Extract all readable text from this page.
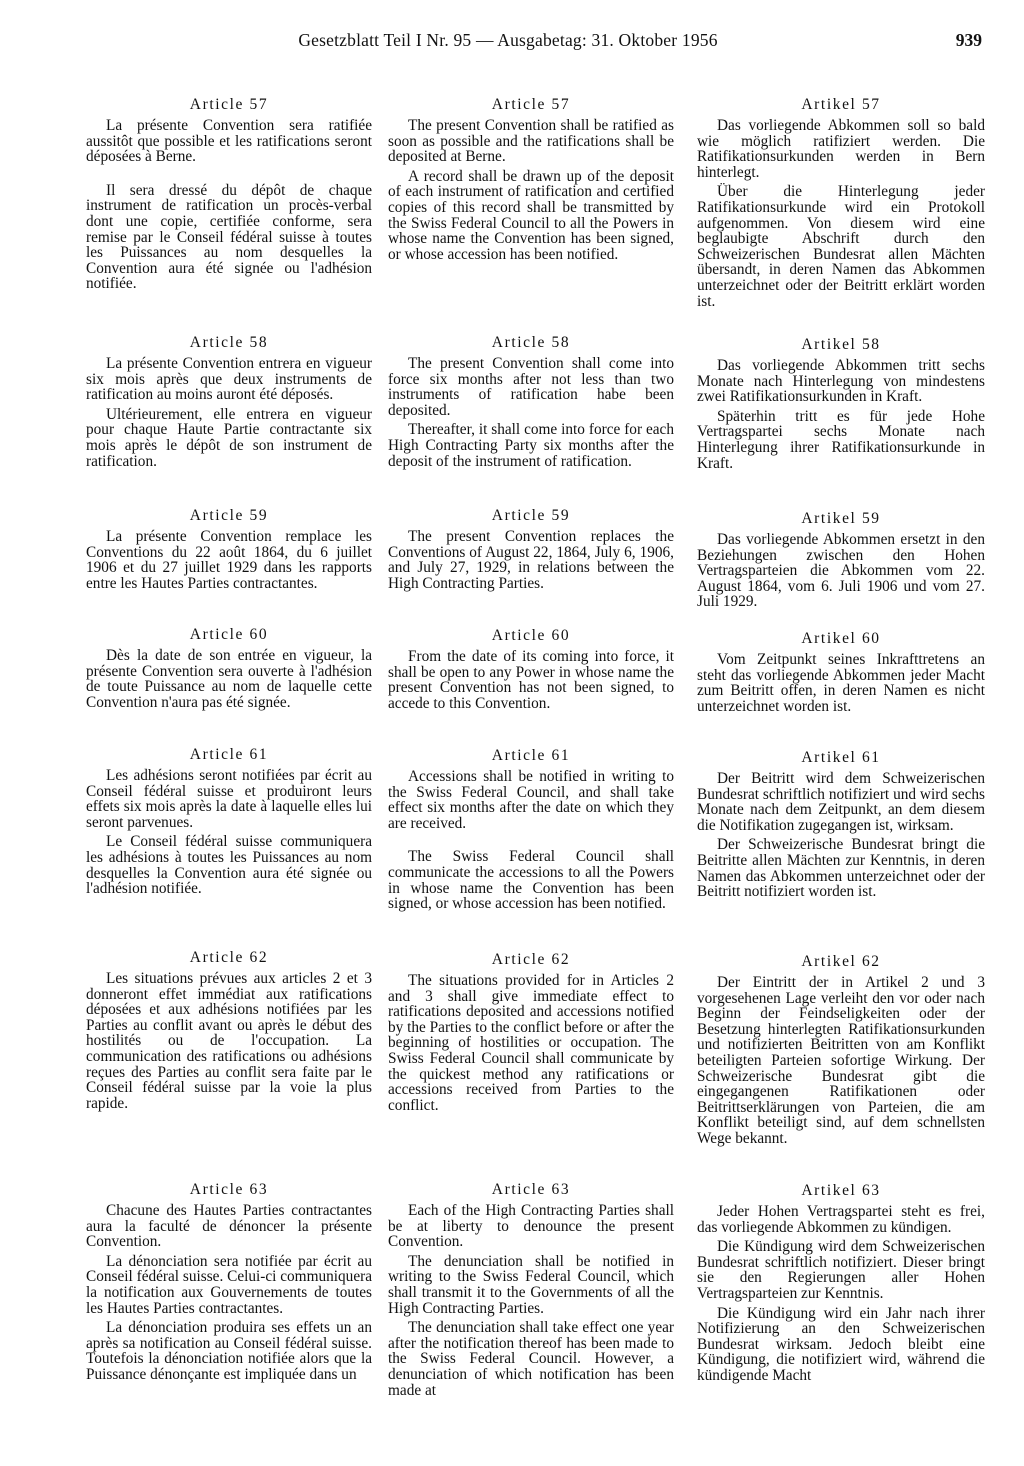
Gesetzblatt Teil I Nr. 95 — Ausgabetag: 31. Oktober 1956	939
Article 57

La présente Convention sera ratifiée aussitôt que possible et les ratifications seront déposées à Berne.

Il sera dressé du dépôt de chaque instrument de ratification un procès-verbal dont une copie, certifiée conforme, sera remise par le Conseil fédéral suisse à toutes les Puissances au nom desquelles la Convention aura été signée ou l'adhésion notifiée.

Article 58

La présente Convention entrera en vigueur six mois après que deux instruments de ratification au moins auront été déposés.

Ultérieurement, elle entrera en vigueur pour chaque Haute Partie contractante six mois après le dépôt de son instrument de ratification.

Article 59

La présente Convention remplace les Conventions du 22 août 1864, du 6 juillet 1906 et du 27 juillet 1929 dans les rapports entre les Hautes Parties contractantes.

Article 60

Dès la date de son entrée en vigueur, la présente Convention sera ouverte à l'adhésion de toute Puissance au nom de laquelle cette Convention n'aura pas été signée.

Article 61

Les adhésions seront notifiées par écrit au Conseil fédéral suisse et produiront leurs effets six mois après la date à laquelle elles lui seront parvenues.

Le Conseil fédéral suisse communiquera les adhésions à toutes les Puissances au nom desquelles la Convention aura été signée ou l'adhésion notifiée.

Article 62

Les situations prévues aux articles 2 et 3 donneront effet immédiat aux ratifications déposées et aux adhésions notifiées par les Parties au conflit avant ou après le début des hostilités ou de l'occupation. La communication des ratifications ou adhésions reçues des Parties au conflit sera faite par le Conseil fédéral suisse par la voie la plus rapide.

Article 63

Chacune des Hautes Parties contractantes aura la faculté de dénoncer la présente Convention.

La dénonciation sera notifiée par écrit au Conseil fédéral suisse. Celui-ci communiquera la notification aux Gouvernements de toutes les Hautes Parties contractantes.

La dénonciation produira ses effets un an après sa notification au Conseil fédéral suisse. Toutefois la dénonciation notifiée alors que la Puissance dénonçante est impliquée dans un

Article 57

The present Convention shall be ratified as soon as possible and the ratifications shall be deposited at Berne.

A record shall be drawn up of the deposit of each instrument of ratification and certified copies of this record shall be transmitted by the Swiss Federal Council to all the Powers in whose name the Convention has been signed, or whose accession has been notified.

Article 58

The present Convention shall come into force six months after not less than two instruments of ratification habe been deposited.

Thereafter, it shall come into force for each High Contracting Party six months after the deposit of the instrument of ratification.

Article 59

The present Convention replaces the Conventions of August 22, 1864, July 6, 1906, and July 27, 1929, in relations between the High Contracting Parties.

Article 60

From the date of its coming into force, it shall be open to any Power in whose name the present Convention has not been signed, to accede to this Convention.

Article 61

Accessions shall be notified in writing to the Swiss Federal Council, and shall take effect six months after the date on which they are received.

The Swiss Federal Council shall communicate the accessions to all the Powers in whose name the Convention has been signed, or whose accession has been notified.

Article 62

The situations provided for in Articles 2 and 3 shall give immediate effect to ratifications deposited and accessions notified by the Parties to the conflict before or after the beginning of hostilities or occupation. The Swiss Federal Council shall communicate by the quickest method any ratifications or accessions received from Parties to the conflict.

Article 63

Each of the High Contracting Parties shall be at liberty to denounce the present Convention.

The denunciation shall be notified in writing to the Swiss Federal Council, which shall transmit it to the Governments of all the High Contracting Parties.

The denunciation shall take effect one year after the notification thereof has been made to the Swiss Federal Council. However, a denunciation of which notification has been made at

Artikel 57

Das vorliegende Abkommen soll so bald wie möglich ratifiziert werden. Die Ratifikationsurkunden werden in Bern hinterlegt.

Über die Hinterlegung jeder Ratifikationsurkunde wird ein Protokoll aufgenommen. Von diesem wird eine beglaubigte Abschrift durch den Schweizerischen Bundesrat allen Mächten übersandt, in deren Namen das Abkommen unterzeichnet oder der Beitritt erklärt worden ist.

Artikel 58

Das vorliegende Abkommen tritt sechs Monate nach Hinterlegung von mindestens zwei Ratifikationsurkunden in Kraft.

Späterhin tritt es für jede Hohe Vertragspartei sechs Monate nach Hinterlegung ihrer Ratifikationsurkunde in Kraft.

Artikel 59

Das vorliegende Abkommen ersetzt in den Beziehungen zwischen den Hohen Vertragsparteien die Abkommen vom 22. August 1864, vom 6. Juli 1906 und vom 27. Juli 1929.

Artikel 60

Vom Zeitpunkt seines Inkrafttretens an steht das vorliegende Abkommen jeder Macht zum Beitritt offen, in deren Namen es nicht unterzeichnet worden ist.

Artikel 61

Der Beitritt wird dem Schweizerischen Bundesrat schriftlich notifiziert und wird sechs Monate nach dem Zeitpunkt, an dem diesem die Notifikation zugegangen ist, wirksam.

Der Schweizerische Bundesrat bringt die Beitritte allen Mächten zur Kenntnis, in deren Namen das Abkommen unterzeichnet oder der Beitritt notifiziert worden ist.

Artikel 62

Der Eintritt der in Artikel 2 und 3 vorgesehenen Lage verleiht den vor oder nach Beginn der Feindseligkeiten oder der Besetzung hinterlegten Ratifikationsurkunden und notifizierten Beitritten von am Konflikt beteiligten Parteien sofortige Wirkung. Der Schweizerische Bundesrat gibt die eingegangenen Ratifikationen oder Beitrittserklärungen von Parteien, die am Konflikt beteiligt sind, auf dem schnellsten Wege bekannt.

Artikel 63

Jeder Hohen Vertragspartei steht es frei, das vorliegende Abkommen zu kündigen.

Die Kündigung wird dem Schweizerischen Bundesrat schriftlich notifiziert. Dieser bringt sie den Regierungen aller Hohen Vertragsparteien zur Kenntnis.

Die Kündigung wird ein Jahr nach ihrer Notifizierung an den Schweizerischen Bundesrat wirksam. Jedoch bleibt eine Kündigung, die notifiziert wird, während die kündigende Macht
